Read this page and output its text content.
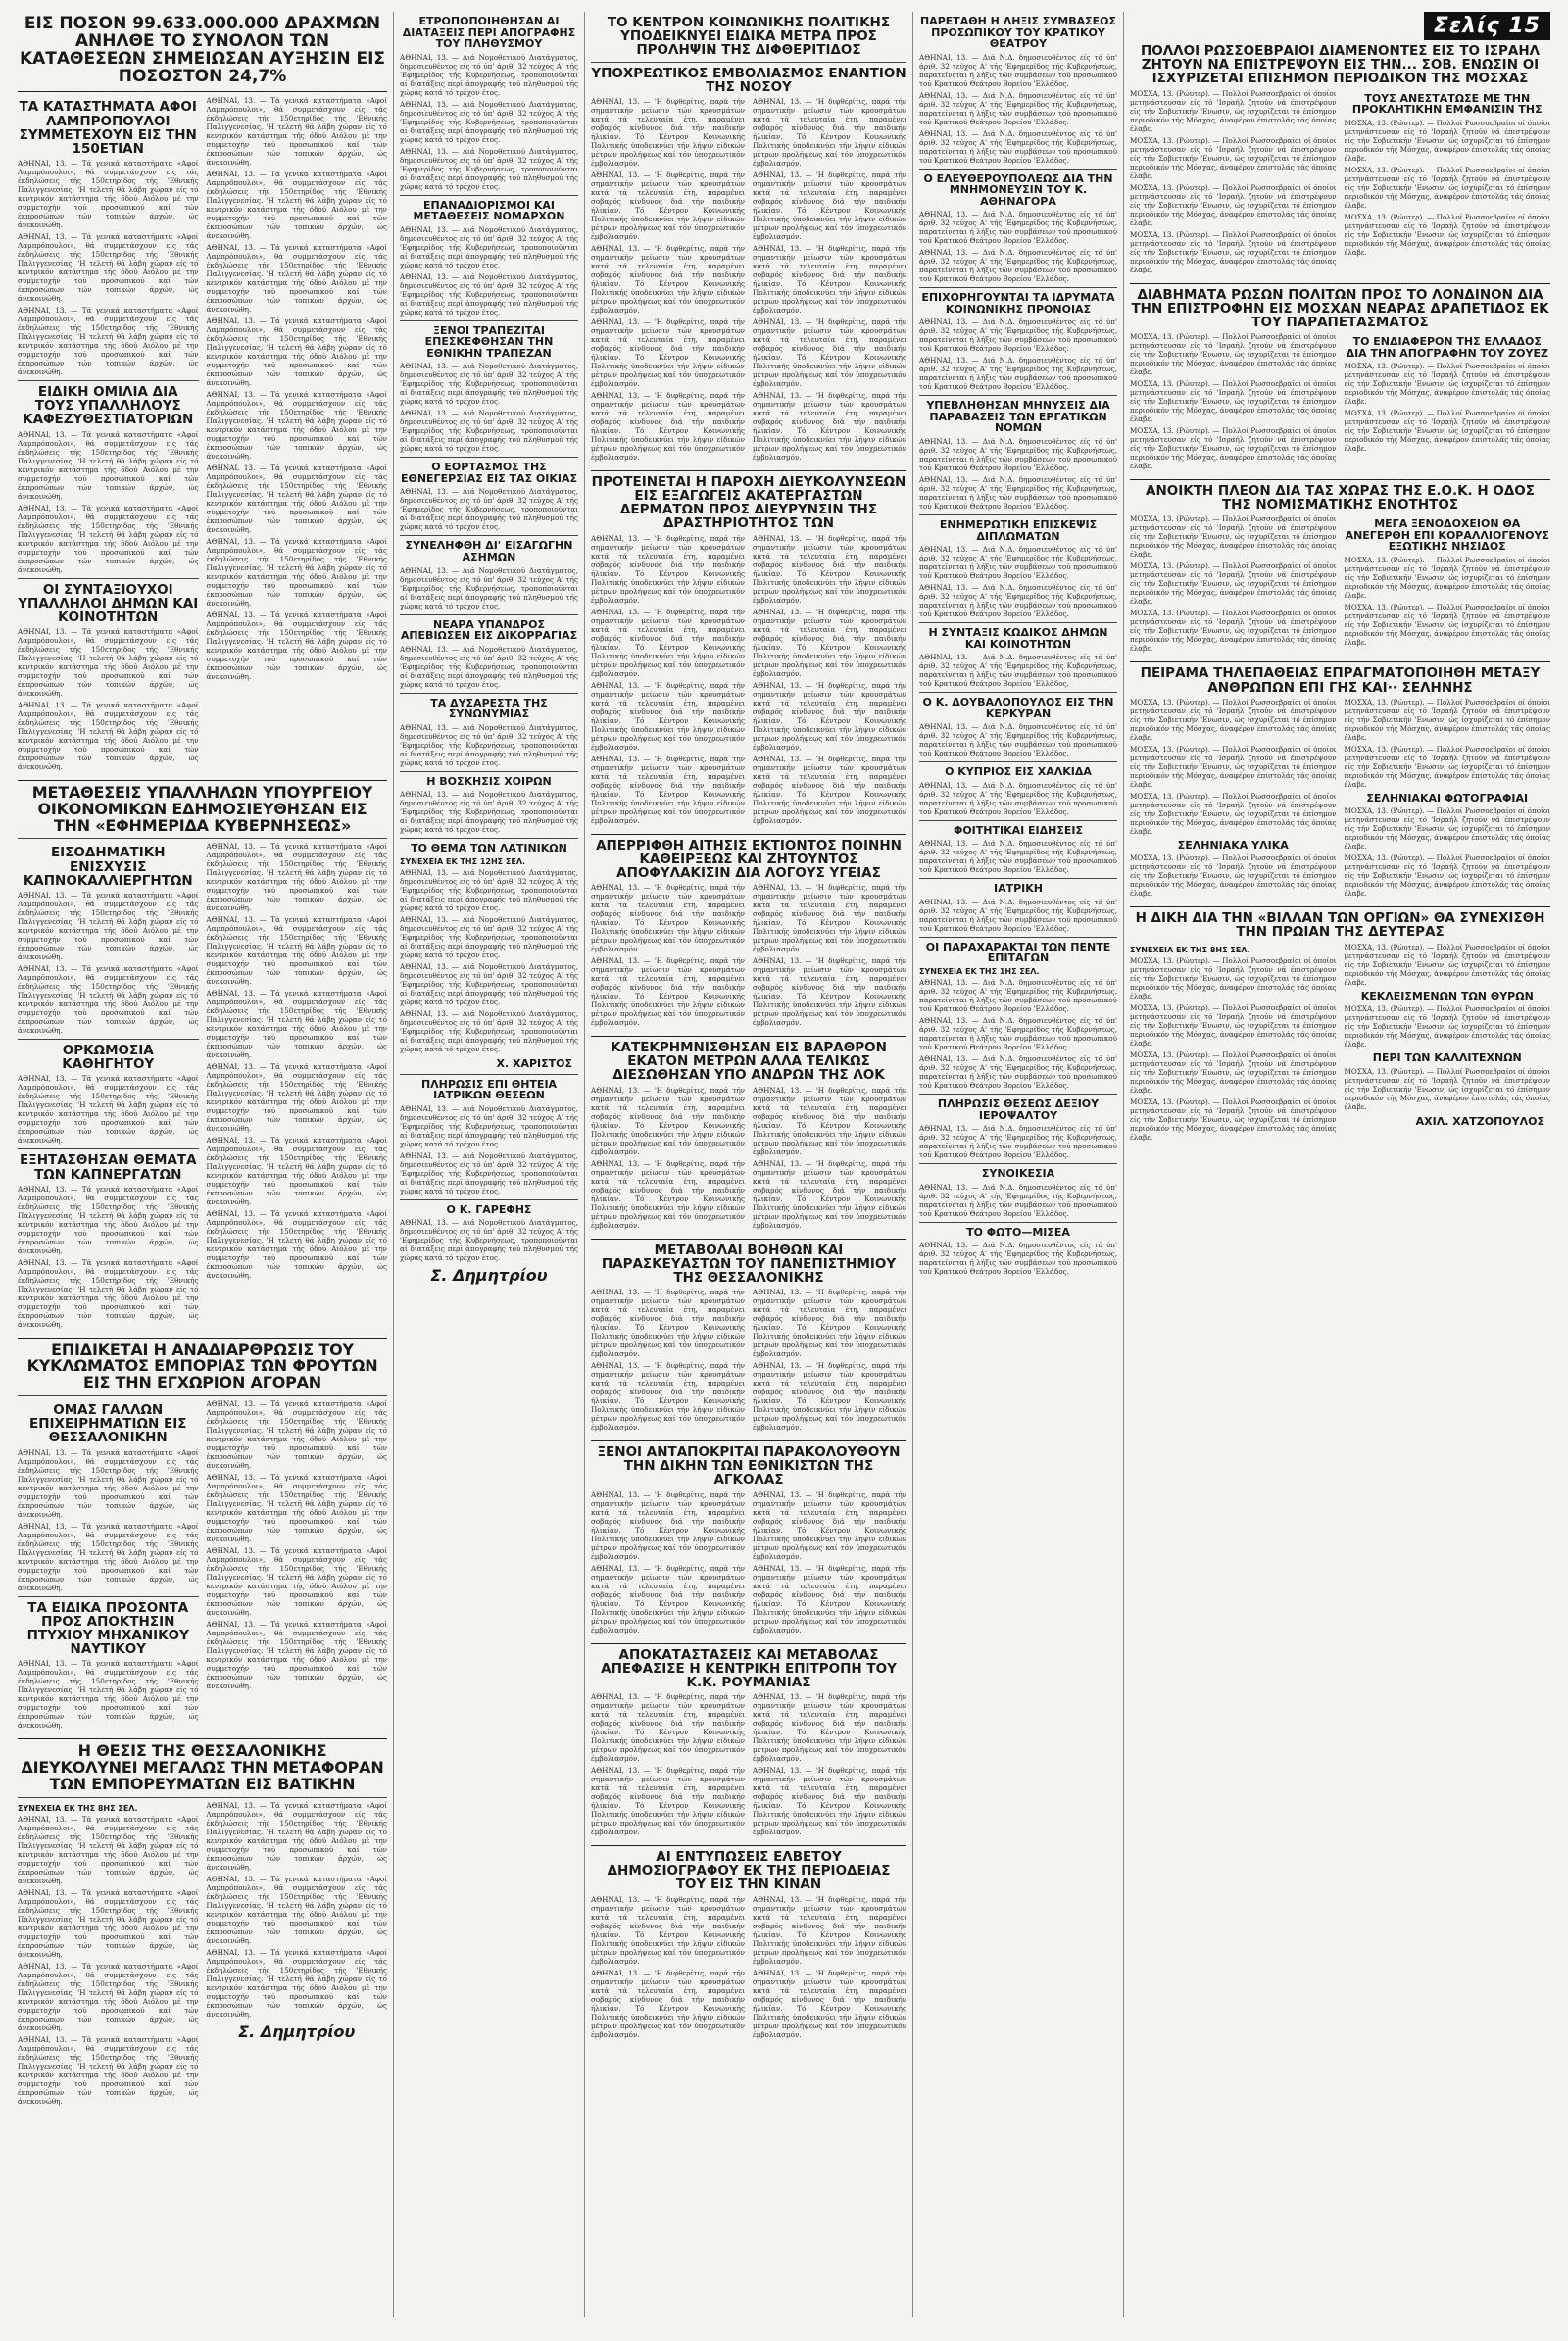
ΕΙΣ ΠΟΣΟΝ 99.633.000.000 ΔΡΑΧΜΩΝ ΑΝΗΛΘΕ ΤΟ ΣΥΝΟΛΟΝ ΤΩΝ ΚΑΤΑΘΕΣΕΩΝ ΣΗΜΕΙΩΣΑΝ ΑΥΞΗΣΙΝ ΕΙΣ ΠΟΣΟΣΤΟΝ 24,7%
ΤΑ ΚΑΤΑΣΤΗΜΑΤΑ ΑΦΟΙ ΛΑΜΠΡΟΠΟΥΛΟΙ ΣΥΜΜΕΤΕΧΟΥΝ ΕΙΣ ΤΗΝ 150ΕΤΙΑΝ

ΑΘΗΝΑΙ, 13. — Τά γενικά καταστήματα «Αφοί Λαμπρόπουλοι», θά συμμετάσχουν είς τάς έκδηλώσεις τής 150ετηρίδος τής 'Εθνικής Παλιγγενεσίας. 'Η τελετή θά λάβη χώραν είς τό κεντρικόν κατάστημα τής όδού Αιόλου μέ την συμμετοχήν τού προσωπικού καί τών έκπροσώπων τών τοπικών άρχών, ώς άνεκοινώθη.

ΑΘΗΝΑΙ, 13. — Τά γενικά καταστήματα «Αφοί Λαμπρόπουλοι», θά συμμετάσχουν είς τάς έκδηλώσεις τής 150ετηρίδος τής 'Εθνικής Παλιγγενεσίας. 'Η τελετή θά λάβη χώραν είς τό κεντρικόν κατάστημα τής όδού Αιόλου μέ την συμμετοχήν τού προσωπικού καί τών έκπροσώπων τών τοπικών άρχών, ώς άνεκοινώθη.

ΑΘΗΝΑΙ, 13. — Τά γενικά καταστήματα «Αφοί Λαμπρόπουλοι», θά συμμετάσχουν είς τάς έκδηλώσεις τής 150ετηρίδος τής 'Εθνικής Παλιγγενεσίας. 'Η τελετή θά λάβη χώραν είς τό κεντρικόν κατάστημα τής όδού Αιόλου μέ την συμμετοχήν τού προσωπικού καί τών έκπροσώπων τών τοπικών άρχών, ώς άνεκοινώθη.

ΕΙΔΙΚΗ ΟΜΙΛΙΑ ΔΙΑ ΤΟΥΣ ΥΠΑΛΛΗΛΟΥΣ ΚΑΦΕΖΥΘΕΣΤΙΑΤΟΡΙΩΝ

ΑΘΗΝΑΙ, 13. — Τά γενικά καταστήματα «Αφοί Λαμπρόπουλοι», θά συμμετάσχουν είς τάς έκδηλώσεις τής 150ετηρίδος τής 'Εθνικής Παλιγγενεσίας. 'Η τελετή θά λάβη χώραν είς τό κεντρικόν κατάστημα τής όδού Αιόλου μέ την συμμετοχήν τού προσωπικού καί τών έκπροσώπων τών τοπικών άρχών, ώς άνεκοινώθη.

ΑΘΗΝΑΙ, 13. — Τά γενικά καταστήματα «Αφοί Λαμπρόπουλοι», θά συμμετάσχουν είς τάς έκδηλώσεις τής 150ετηρίδος τής 'Εθνικής Παλιγγενεσίας. 'Η τελετή θά λάβη χώραν είς τό κεντρικόν κατάστημα τής όδού Αιόλου μέ την συμμετοχήν τού προσωπικού καί τών έκπροσώπων τών τοπικών άρχών, ώς άνεκοινώθη.

ΟΙ ΣΥΝΤΑΞΙΟΥΧΟΙ ΥΠΑΛΛΗΛΟΙ ΔΗΜΩΝ ΚΑΙ ΚΟΙΝΟΤΗΤΩΝ

ΑΘΗΝΑΙ, 13. — Τά γενικά καταστήματα «Αφοί Λαμπρόπουλοι», θά συμμετάσχουν είς τάς έκδηλώσεις τής 150ετηρίδος τής 'Εθνικής Παλιγγενεσίας. 'Η τελετή θά λάβη χώραν είς τό κεντρικόν κατάστημα τής όδού Αιόλου μέ την συμμετοχήν τού προσωπικού καί τών έκπροσώπων τών τοπικών άρχών, ώς άνεκοινώθη.

ΑΘΗΝΑΙ, 13. — Τά γενικά καταστήματα «Αφοί Λαμπρόπουλοι», θά συμμετάσχουν είς τάς έκδηλώσεις τής 150ετηρίδος τής 'Εθνικής Παλιγγενεσίας. 'Η τελετή θά λάβη χώραν είς τό κεντρικόν κατάστημα τής όδού Αιόλου μέ την συμμετοχήν τού προσωπικού καί τών έκπροσώπων τών τοπικών άρχών, ώς άνεκοινώθη.

ΑΘΗΝΑΙ, 13. — Τά γενικά καταστήματα «Αφοί Λαμπρόπουλοι», θά συμμετάσχουν είς τάς έκδηλώσεις τής 150ετηρίδος τής 'Εθνικής Παλιγγενεσίας. 'Η τελετή θά λάβη χώραν είς τό κεντρικόν κατάστημα τής όδού Αιόλου μέ την συμμετοχήν τού προσωπικού καί τών έκπροσώπων τών τοπικών άρχών, ώς άνεκοινώθη.

ΑΘΗΝΑΙ, 13. — Τά γενικά καταστήματα «Αφοί Λαμπρόπουλοι», θά συμμετάσχουν είς τάς έκδηλώσεις τής 150ετηρίδος τής 'Εθνικής Παλιγγενεσίας. 'Η τελετή θά λάβη χώραν είς τό κεντρικόν κατάστημα τής όδού Αιόλου μέ την συμμετοχήν τού προσωπικού καί τών έκπροσώπων τών τοπικών άρχών, ώς άνεκοινώθη.

ΑΘΗΝΑΙ, 13. — Τά γενικά καταστήματα «Αφοί Λαμπρόπουλοι», θά συμμετάσχουν είς τάς έκδηλώσεις τής 150ετηρίδος τής 'Εθνικής Παλιγγενεσίας. 'Η τελετή θά λάβη χώραν είς τό κεντρικόν κατάστημα τής όδού Αιόλου μέ την συμμετοχήν τού προσωπικού καί τών έκπροσώπων τών τοπικών άρχών, ώς άνεκοινώθη.

ΑΘΗΝΑΙ, 13. — Τά γενικά καταστήματα «Αφοί Λαμπρόπουλοι», θά συμμετάσχουν είς τάς έκδηλώσεις τής 150ετηρίδος τής 'Εθνικής Παλιγγενεσίας. 'Η τελετή θά λάβη χώραν είς τό κεντρικόν κατάστημα τής όδού Αιόλου μέ την συμμετοχήν τού προσωπικού καί τών έκπροσώπων τών τοπικών άρχών, ώς άνεκοινώθη.

ΑΘΗΝΑΙ, 13. — Τά γενικά καταστήματα «Αφοί Λαμπρόπουλοι», θά συμμετάσχουν είς τάς έκδηλώσεις τής 150ετηρίδος τής 'Εθνικής Παλιγγενεσίας. 'Η τελετή θά λάβη χώραν είς τό κεντρικόν κατάστημα τής όδού Αιόλου μέ την συμμετοχήν τού προσωπικού καί τών έκπροσώπων τών τοπικών άρχών, ώς άνεκοινώθη.

ΑΘΗΝΑΙ, 13. — Τά γενικά καταστήματα «Αφοί Λαμπρόπουλοι», θά συμμετάσχουν είς τάς έκδηλώσεις τής 150ετηρίδος τής 'Εθνικής Παλιγγενεσίας. 'Η τελετή θά λάβη χώραν είς τό κεντρικόν κατάστημα τής όδού Αιόλου μέ την συμμετοχήν τού προσωπικού καί τών έκπροσώπων τών τοπικών άρχών, ώς άνεκοινώθη.

ΑΘΗΝΑΙ, 13. — Τά γενικά καταστήματα «Αφοί Λαμπρόπουλοι», θά συμμετάσχουν είς τάς έκδηλώσεις τής 150ετηρίδος τής 'Εθνικής Παλιγγενεσίας. 'Η τελετή θά λάβη χώραν είς τό κεντρικόν κατάστημα τής όδού Αιόλου μέ την συμμετοχήν τού προσωπικού καί τών έκπροσώπων τών τοπικών άρχών, ώς άνεκοινώθη.

ΑΘΗΝΑΙ, 13. — Τά γενικά καταστήματα «Αφοί Λαμπρόπουλοι», θά συμμετάσχουν είς τάς έκδηλώσεις τής 150ετηρίδος τής 'Εθνικής Παλιγγενεσίας. 'Η τελετή θά λάβη χώραν είς τό κεντρικόν κατάστημα τής όδού Αιόλου μέ την συμμετοχήν τού προσωπικού καί τών έκπροσώπων τών τοπικών άρχών, ώς άνεκοινώθη.

ΜΕΤΑΘΕΣΕΙΣ ΥΠΑΛΛΗΛΩΝ ΥΠΟΥΡΓΕΙΟΥ ΟΙΚΟΝΟΜΙΚΩΝ ΕΔΗΜΟΣΙΕΥΘΗΣΑΝ ΕΙΣ ΤΗΝ «ΕΦΗΜΕΡΙΔΑ ΚΥΒΕΡΝΗΣΕΩΣ»
ΕΙΣΟΔΗΜΑΤΙΚΗ ΕΝΙΣΧΥΣΙΣ ΚΑΠΝΟΚΑΛΛΙΕΡΓΗΤΩΝ

ΑΘΗΝΑΙ, 13. — Τά γενικά καταστήματα «Αφοί Λαμπρόπουλοι», θά συμμετάσχουν είς τάς έκδηλώσεις τής 150ετηρίδος τής 'Εθνικής Παλιγγενεσίας. 'Η τελετή θά λάβη χώραν είς τό κεντρικόν κατάστημα τής όδού Αιόλου μέ την συμμετοχήν τού προσωπικού καί τών έκπροσώπων τών τοπικών άρχών, ώς άνεκοινώθη.

ΑΘΗΝΑΙ, 13. — Τά γενικά καταστήματα «Αφοί Λαμπρόπουλοι», θά συμμετάσχουν είς τάς έκδηλώσεις τής 150ετηρίδος τής 'Εθνικής Παλιγγενεσίας. 'Η τελετή θά λάβη χώραν είς τό κεντρικόν κατάστημα τής όδού Αιόλου μέ την συμμετοχήν τού προσωπικού καί τών έκπροσώπων τών τοπικών άρχών, ώς άνεκοινώθη.

ΟΡΚΩΜΟΣΙΑ ΚΑΘΗΓΗΤΟΥ

ΑΘΗΝΑΙ, 13. — Τά γενικά καταστήματα «Αφοί Λαμπρόπουλοι», θά συμμετάσχουν είς τάς έκδηλώσεις τής 150ετηρίδος τής 'Εθνικής Παλιγγενεσίας. 'Η τελετή θά λάβη χώραν είς τό κεντρικόν κατάστημα τής όδού Αιόλου μέ την συμμετοχήν τού προσωπικού καί τών έκπροσώπων τών τοπικών άρχών, ώς άνεκοινώθη.

ΕΞΗΤΑΣΘΗΣΑΝ ΘΕΜΑΤΑ ΤΩΝ ΚΑΠΝΕΡΓΑΤΩΝ

ΑΘΗΝΑΙ, 13. — Τά γενικά καταστήματα «Αφοί Λαμπρόπουλοι», θά συμμετάσχουν είς τάς έκδηλώσεις τής 150ετηρίδος τής 'Εθνικής Παλιγγενεσίας. 'Η τελετή θά λάβη χώραν είς τό κεντρικόν κατάστημα τής όδού Αιόλου μέ την συμμετοχήν τού προσωπικού καί τών έκπροσώπων τών τοπικών άρχών, ώς άνεκοινώθη.

ΑΘΗΝΑΙ, 13. — Τά γενικά καταστήματα «Αφοί Λαμπρόπουλοι», θά συμμετάσχουν είς τάς έκδηλώσεις τής 150ετηρίδος τής 'Εθνικής Παλιγγενεσίας. 'Η τελετή θά λάβη χώραν είς τό κεντρικόν κατάστημα τής όδού Αιόλου μέ την συμμετοχήν τού προσωπικού καί τών έκπροσώπων τών τοπικών άρχών, ώς άνεκοινώθη.

ΑΘΗΝΑΙ, 13. — Τά γενικά καταστήματα «Αφοί Λαμπρόπουλοι», θά συμμετάσχουν είς τάς έκδηλώσεις τής 150ετηρίδος τής 'Εθνικής Παλιγγενεσίας. 'Η τελετή θά λάβη χώραν είς τό κεντρικόν κατάστημα τής όδού Αιόλου μέ την συμμετοχήν τού προσωπικού καί τών έκπροσώπων τών τοπικών άρχών, ώς άνεκοινώθη.

ΑΘΗΝΑΙ, 13. — Τά γενικά καταστήματα «Αφοί Λαμπρόπουλοι», θά συμμετάσχουν είς τάς έκδηλώσεις τής 150ετηρίδος τής 'Εθνικής Παλιγγενεσίας. 'Η τελετή θά λάβη χώραν είς τό κεντρικόν κατάστημα τής όδού Αιόλου μέ την συμμετοχήν τού προσωπικού καί τών έκπροσώπων τών τοπικών άρχών, ώς άνεκοινώθη.

ΑΘΗΝΑΙ, 13. — Τά γενικά καταστήματα «Αφοί Λαμπρόπουλοι», θά συμμετάσχουν είς τάς έκδηλώσεις τής 150ετηρίδος τής 'Εθνικής Παλιγγενεσίας. 'Η τελετή θά λάβη χώραν είς τό κεντρικόν κατάστημα τής όδού Αιόλου μέ την συμμετοχήν τού προσωπικού καί τών έκπροσώπων τών τοπικών άρχών, ώς άνεκοινώθη.

ΑΘΗΝΑΙ, 13. — Τά γενικά καταστήματα «Αφοί Λαμπρόπουλοι», θά συμμετάσχουν είς τάς έκδηλώσεις τής 150ετηρίδος τής 'Εθνικής Παλιγγενεσίας. 'Η τελετή θά λάβη χώραν είς τό κεντρικόν κατάστημα τής όδού Αιόλου μέ την συμμετοχήν τού προσωπικού καί τών έκπροσώπων τών τοπικών άρχών, ώς άνεκοινώθη.

ΑΘΗΝΑΙ, 13. — Τά γενικά καταστήματα «Αφοί Λαμπρόπουλοι», θά συμμετάσχουν είς τάς έκδηλώσεις τής 150ετηρίδος τής 'Εθνικής Παλιγγενεσίας. 'Η τελετή θά λάβη χώραν είς τό κεντρικόν κατάστημα τής όδού Αιόλου μέ την συμμετοχήν τού προσωπικού καί τών έκπροσώπων τών τοπικών άρχών, ώς άνεκοινώθη.

ΑΘΗΝΑΙ, 13. — Τά γενικά καταστήματα «Αφοί Λαμπρόπουλοι», θά συμμετάσχουν είς τάς έκδηλώσεις τής 150ετηρίδος τής 'Εθνικής Παλιγγενεσίας. 'Η τελετή θά λάβη χώραν είς τό κεντρικόν κατάστημα τής όδού Αιόλου μέ την συμμετοχήν τού προσωπικού καί τών έκπροσώπων τών τοπικών άρχών, ώς άνεκοινώθη.

ΕΠΙΔΙΚΕΤΑΙ Η ΑΝΑΔΙΑΡΘΡΩΣΙΣ ΤΟΥ ΚΥΚΛΩΜΑΤΟΣ ΕΜΠΟΡΙΑΣ ΤΩΝ ΦΡΟΥΤΩΝ ΕΙΣ ΤΗΝ ΕΓΧΩΡΙΟΝ ΑΓΟΡΑΝ
ΟΜΑΣ ΓΑΛΛΩΝ ΕΠΙΧΕΙΡΗΜΑΤΙΩΝ ΕΙΣ ΘΕΣΣΑΛΟΝΙΚΗΝ

ΑΘΗΝΑΙ, 13. — Τά γενικά καταστήματα «Αφοί Λαμπρόπουλοι», θά συμμετάσχουν είς τάς έκδηλώσεις τής 150ετηρίδος τής 'Εθνικής Παλιγγενεσίας. 'Η τελετή θά λάβη χώραν είς τό κεντρικόν κατάστημα τής όδού Αιόλου μέ την συμμετοχήν τού προσωπικού καί τών έκπροσώπων τών τοπικών άρχών, ώς άνεκοινώθη.

ΑΘΗΝΑΙ, 13. — Τά γενικά καταστήματα «Αφοί Λαμπρόπουλοι», θά συμμετάσχουν είς τάς έκδηλώσεις τής 150ετηρίδος τής 'Εθνικής Παλιγγενεσίας. 'Η τελετή θά λάβη χώραν είς τό κεντρικόν κατάστημα τής όδού Αιόλου μέ την συμμετοχήν τού προσωπικού καί τών έκπροσώπων τών τοπικών άρχών, ώς άνεκοινώθη.

ΤΑ ΕΙΔΙΚΑ ΠΡΟΣΟΝΤΑ ΠΡΟΣ ΑΠΟΚΤΗΣΙΝ ΠΤΥΧΙΟΥ ΜΗΧΑΝΙΚΟΥ ΝΑΥΤΙΚΟΥ

ΑΘΗΝΑΙ, 13. — Τά γενικά καταστήματα «Αφοί Λαμπρόπουλοι», θά συμμετάσχουν είς τάς έκδηλώσεις τής 150ετηρίδος τής 'Εθνικής Παλιγγενεσίας. 'Η τελετή θά λάβη χώραν είς τό κεντρικόν κατάστημα τής όδού Αιόλου μέ την συμμετοχήν τού προσωπικού καί τών έκπροσώπων τών τοπικών άρχών, ώς άνεκοινώθη.

ΑΘΗΝΑΙ, 13. — Τά γενικά καταστήματα «Αφοί Λαμπρόπουλοι», θά συμμετάσχουν είς τάς έκδηλώσεις τής 150ετηρίδος τής 'Εθνικής Παλιγγενεσίας. 'Η τελετή θά λάβη χώραν είς τό κεντρικόν κατάστημα τής όδού Αιόλου μέ την συμμετοχήν τού προσωπικού καί τών έκπροσώπων τών τοπικών άρχών, ώς άνεκοινώθη.

ΑΘΗΝΑΙ, 13. — Τά γενικά καταστήματα «Αφοί Λαμπρόπουλοι», θά συμμετάσχουν είς τάς έκδηλώσεις τής 150ετηρίδος τής 'Εθνικής Παλιγγενεσίας. 'Η τελετή θά λάβη χώραν είς τό κεντρικόν κατάστημα τής όδού Αιόλου μέ την συμμετοχήν τού προσωπικού καί τών έκπροσώπων τών τοπικών άρχών, ώς άνεκοινώθη.

ΑΘΗΝΑΙ, 13. — Τά γενικά καταστήματα «Αφοί Λαμπρόπουλοι», θά συμμετάσχουν είς τάς έκδηλώσεις τής 150ετηρίδος τής 'Εθνικής Παλιγγενεσίας. 'Η τελετή θά λάβη χώραν είς τό κεντρικόν κατάστημα τής όδού Αιόλου μέ την συμμετοχήν τού προσωπικού καί τών έκπροσώπων τών τοπικών άρχών, ώς άνεκοινώθη.

ΑΘΗΝΑΙ, 13. — Τά γενικά καταστήματα «Αφοί Λαμπρόπουλοι», θά συμμετάσχουν είς τάς έκδηλώσεις τής 150ετηρίδος τής 'Εθνικής Παλιγγενεσίας. 'Η τελετή θά λάβη χώραν είς τό κεντρικόν κατάστημα τής όδού Αιόλου μέ την συμμετοχήν τού προσωπικού καί τών έκπροσώπων τών τοπικών άρχών, ώς άνεκοινώθη.

Η ΘΕΣΙΣ ΤΗΣ ΘΕΣΣΑΛΟΝΙΚΗΣ ΔΙΕΥΚΟΛΥΝΕΙ ΜΕΓΑΛΩΣ ΤΗΝ ΜΕΤΑΦΟΡΑΝ ΤΩΝ ΕΜΠΟΡΕΥΜΑΤΩΝ ΕΙΣ ΒΑΤΙΚΗΝ
ΣΥΝΕΧΕΙΑ ΕΚ ΤΗΣ 8ΗΣ ΣΕΛ.

ΑΘΗΝΑΙ, 13. — Τά γενικά καταστήματα «Αφοί Λαμπρόπουλοι», θά συμμετάσχουν είς τάς έκδηλώσεις τής 150ετηρίδος τής 'Εθνικής Παλιγγενεσίας. 'Η τελετή θά λάβη χώραν είς τό κεντρικόν κατάστημα τής όδού Αιόλου μέ την συμμετοχήν τού προσωπικού καί τών έκπροσώπων τών τοπικών άρχών, ώς άνεκοινώθη.

ΑΘΗΝΑΙ, 13. — Τά γενικά καταστήματα «Αφοί Λαμπρόπουλοι», θά συμμετάσχουν είς τάς έκδηλώσεις τής 150ετηρίδος τής 'Εθνικής Παλιγγενεσίας. 'Η τελετή θά λάβη χώραν είς τό κεντρικόν κατάστημα τής όδού Αιόλου μέ την συμμετοχήν τού προσωπικού καί τών έκπροσώπων τών τοπικών άρχών, ώς άνεκοινώθη.

ΑΘΗΝΑΙ, 13. — Τά γενικά καταστήματα «Αφοί Λαμπρόπουλοι», θά συμμετάσχουν είς τάς έκδηλώσεις τής 150ετηρίδος τής 'Εθνικής Παλιγγενεσίας. 'Η τελετή θά λάβη χώραν είς τό κεντρικόν κατάστημα τής όδού Αιόλου μέ την συμμετοχήν τού προσωπικού καί τών έκπροσώπων τών τοπικών άρχών, ώς άνεκοινώθη.

ΑΘΗΝΑΙ, 13. — Τά γενικά καταστήματα «Αφοί Λαμπρόπουλοι», θά συμμετάσχουν είς τάς έκδηλώσεις τής 150ετηρίδος τής 'Εθνικής Παλιγγενεσίας. 'Η τελετή θά λάβη χώραν είς τό κεντρικόν κατάστημα τής όδού Αιόλου μέ την συμμετοχήν τού προσωπικού καί τών έκπροσώπων τών τοπικών άρχών, ώς άνεκοινώθη.

ΑΘΗΝΑΙ, 13. — Τά γενικά καταστήματα «Αφοί Λαμπρόπουλοι», θά συμμετάσχουν είς τάς έκδηλώσεις τής 150ετηρίδος τής 'Εθνικής Παλιγγενεσίας. 'Η τελετή θά λάβη χώραν είς τό κεντρικόν κατάστημα τής όδού Αιόλου μέ την συμμετοχήν τού προσωπικού καί τών έκπροσώπων τών τοπικών άρχών, ώς άνεκοινώθη.

ΑΘΗΝΑΙ, 13. — Τά γενικά καταστήματα «Αφοί Λαμπρόπουλοι», θά συμμετάσχουν είς τάς έκδηλώσεις τής 150ετηρίδος τής 'Εθνικής Παλιγγενεσίας. 'Η τελετή θά λάβη χώραν είς τό κεντρικόν κατάστημα τής όδού Αιόλου μέ την συμμετοχήν τού προσωπικού καί τών έκπροσώπων τών τοπικών άρχών, ώς άνεκοινώθη.

ΑΘΗΝΑΙ, 13. — Τά γενικά καταστήματα «Αφοί Λαμπρόπουλοι», θά συμμετάσχουν είς τάς έκδηλώσεις τής 150ετηρίδος τής 'Εθνικής Παλιγγενεσίας. 'Η τελετή θά λάβη χώραν είς τό κεντρικόν κατάστημα τής όδού Αιόλου μέ την συμμετοχήν τού προσωπικού καί τών έκπροσώπων τών τοπικών άρχών, ώς άνεκοινώθη.

Σ. Δημητρίου
ΕΤΡΟΠΟΠΟΙΗΘΗΣΑΝ ΑΙ ΔΙΑΤΑΞΕΙΣ ΠΕΡΙ ΑΠΟΓΡΑΦΗΣ ΤΟΥ ΠΛΗΘΥΣΜΟΥ

ΑΘΗΝΑΙ, 13. — Διά Νομοθετικού Διατάγματος, δημοσιευθέντος είς τό ύπ' άριθ. 32 τεύχος Α' τής 'Εφημερίδος τής Κυβερνήσεως, τροποποιούνται αί διατάξεις περί άπογραφής τού πληθυσμού τής χώρας κατά τό τρέχον έτος.

ΑΘΗΝΑΙ, 13. — Διά Νομοθετικού Διατάγματος, δημοσιευθέντος είς τό ύπ' άριθ. 32 τεύχος Α' τής 'Εφημερίδος τής Κυβερνήσεως, τροποποιούνται αί διατάξεις περί άπογραφής τού πληθυσμού τής χώρας κατά τό τρέχον έτος.

ΑΘΗΝΑΙ, 13. — Διά Νομοθετικού Διατάγματος, δημοσιευθέντος είς τό ύπ' άριθ. 32 τεύχος Α' τής 'Εφημερίδος τής Κυβερνήσεως, τροποποιούνται αί διατάξεις περί άπογραφής τού πληθυσμού τής χώρας κατά τό τρέχον έτος.

ΕΠΑΝΑΔΙΟΡΙΣΜΟΙ ΚΑΙ ΜΕΤΑΘΕΣΕΙΣ ΝΟΜΑΡΧΩΝ

ΑΘΗΝΑΙ, 13. — Διά Νομοθετικού Διατάγματος, δημοσιευθέντος είς τό ύπ' άριθ. 32 τεύχος Α' τής 'Εφημερίδος τής Κυβερνήσεως, τροποποιούνται αί διατάξεις περί άπογραφής τού πληθυσμού τής χώρας κατά τό τρέχον έτος.

ΑΘΗΝΑΙ, 13. — Διά Νομοθετικού Διατάγματος, δημοσιευθέντος είς τό ύπ' άριθ. 32 τεύχος Α' τής 'Εφημερίδος τής Κυβερνήσεως, τροποποιούνται αί διατάξεις περί άπογραφής τού πληθυσμού τής χώρας κατά τό τρέχον έτος.

ΞΕΝΟΙ ΤΡΑΠΕΖΙΤΑΙ ΕΠΕΣΚΕΦΘΗΣΑΝ ΤΗΝ ΕΘΝΙΚΗΝ ΤΡΑΠΕΖΑΝ

ΑΘΗΝΑΙ, 13. — Διά Νομοθετικού Διατάγματος, δημοσιευθέντος είς τό ύπ' άριθ. 32 τεύχος Α' τής 'Εφημερίδος τής Κυβερνήσεως, τροποποιούνται αί διατάξεις περί άπογραφής τού πληθυσμού τής χώρας κατά τό τρέχον έτος.

ΑΘΗΝΑΙ, 13. — Διά Νομοθετικού Διατάγματος, δημοσιευθέντος είς τό ύπ' άριθ. 32 τεύχος Α' τής 'Εφημερίδος τής Κυβερνήσεως, τροποποιούνται αί διατάξεις περί άπογραφής τού πληθυσμού τής χώρας κατά τό τρέχον έτος.

Ο ΕΟΡΤΑΣΜΟΣ ΤΗΣ ΕΘΝΕΓΕΡΣΙΑΣ ΕΙΣ ΤΑΣ ΟΙΚΙΑΣ

ΑΘΗΝΑΙ, 13. — Διά Νομοθετικού Διατάγματος, δημοσιευθέντος είς τό ύπ' άριθ. 32 τεύχος Α' τής 'Εφημερίδος τής Κυβερνήσεως, τροποποιούνται αί διατάξεις περί άπογραφής τού πληθυσμού τής χώρας κατά τό τρέχον έτος.

ΣΥΝΕΛΗΦΘΗ ΔΙ' ΕΙΣΑΓΩΓΗΝ ΑΣΗΜΩΝ

ΑΘΗΝΑΙ, 13. — Διά Νομοθετικού Διατάγματος, δημοσιευθέντος είς τό ύπ' άριθ. 32 τεύχος Α' τής 'Εφημερίδος τής Κυβερνήσεως, τροποποιούνται αί διατάξεις περί άπογραφής τού πληθυσμού τής χώρας κατά τό τρέχον έτος.

ΝΕΑΡΑ ΥΠΑΝΔΡΟΣ ΑΠΕΒΙΩΣΕΝ ΕΙΣ ΔΙΚΟΡΡΑΓΙΑΣ

ΑΘΗΝΑΙ, 13. — Διά Νομοθετικού Διατάγματος, δημοσιευθέντος είς τό ύπ' άριθ. 32 τεύχος Α' τής 'Εφημερίδος τής Κυβερνήσεως, τροποποιούνται αί διατάξεις περί άπογραφής τού πληθυσμού τής χώρας κατά τό τρέχον έτος.

ΤΑ ΔΥΣΑΡΕΣΤΑ ΤΗΣ ΣΥΝΩΝΥΜΙΑΣ

ΑΘΗΝΑΙ, 13. — Διά Νομοθετικού Διατάγματος, δημοσιευθέντος είς τό ύπ' άριθ. 32 τεύχος Α' τής 'Εφημερίδος τής Κυβερνήσεως, τροποποιούνται αί διατάξεις περί άπογραφής τού πληθυσμού τής χώρας κατά τό τρέχον έτος.

Η ΒΟΣΚΗΣΙΣ ΧΟΙΡΩΝ

ΑΘΗΝΑΙ, 13. — Διά Νομοθετικού Διατάγματος, δημοσιευθέντος είς τό ύπ' άριθ. 32 τεύχος Α' τής 'Εφημερίδος τής Κυβερνήσεως, τροποποιούνται αί διατάξεις περί άπογραφής τού πληθυσμού τής χώρας κατά τό τρέχον έτος.

ΤΟ ΘΕΜΑ ΤΩΝ ΛΑΤΙΝΙΚΩΝ
ΣΥΝΕΧΕΙΑ ΕΚ ΤΗΣ 12ΗΣ ΣΕΛ.

ΑΘΗΝΑΙ, 13. — Διά Νομοθετικού Διατάγματος, δημοσιευθέντος είς τό ύπ' άριθ. 32 τεύχος Α' τής 'Εφημερίδος τής Κυβερνήσεως, τροποποιούνται αί διατάξεις περί άπογραφής τού πληθυσμού τής χώρας κατά τό τρέχον έτος.

ΑΘΗΝΑΙ, 13. — Διά Νομοθετικού Διατάγματος, δημοσιευθέντος είς τό ύπ' άριθ. 32 τεύχος Α' τής 'Εφημερίδος τής Κυβερνήσεως, τροποποιούνται αί διατάξεις περί άπογραφής τού πληθυσμού τής χώρας κατά τό τρέχον έτος.

ΑΘΗΝΑΙ, 13. — Διά Νομοθετικού Διατάγματος, δημοσιευθέντος είς τό ύπ' άριθ. 32 τεύχος Α' τής 'Εφημερίδος τής Κυβερνήσεως, τροποποιούνται αί διατάξεις περί άπογραφής τού πληθυσμού τής χώρας κατά τό τρέχον έτος.

ΑΘΗΝΑΙ, 13. — Διά Νομοθετικού Διατάγματος, δημοσιευθέντος είς τό ύπ' άριθ. 32 τεύχος Α' τής 'Εφημερίδος τής Κυβερνήσεως, τροποποιούνται αί διατάξεις περί άπογραφής τού πληθυσμού τής χώρας κατά τό τρέχον έτος.

Χ. ΧΑΡΙΣΤΟΣ
ΠΛΗΡΩΣΙΣ ΕΠΙ ΘΗΤΕΙΑ ΙΑΤΡΙΚΩΝ ΘΕΣΕΩΝ

ΑΘΗΝΑΙ, 13. — Διά Νομοθετικού Διατάγματος, δημοσιευθέντος είς τό ύπ' άριθ. 32 τεύχος Α' τής 'Εφημερίδος τής Κυβερνήσεως, τροποποιούνται αί διατάξεις περί άπογραφής τού πληθυσμού τής χώρας κατά τό τρέχον έτος.

ΑΘΗΝΑΙ, 13. — Διά Νομοθετικού Διατάγματος, δημοσιευθέντος είς τό ύπ' άριθ. 32 τεύχος Α' τής 'Εφημερίδος τής Κυβερνήσεως, τροποποιούνται αί διατάξεις περί άπογραφής τού πληθυσμού τής χώρας κατά τό τρέχον έτος.

Ο Κ. ΓΑΡΕΦΗΣ

ΑΘΗΝΑΙ, 13. — Διά Νομοθετικού Διατάγματος, δημοσιευθέντος είς τό ύπ' άριθ. 32 τεύχος Α' τής 'Εφημερίδος τής Κυβερνήσεως, τροποποιούνται αί διατάξεις περί άπογραφής τού πληθυσμού τής χώρας κατά τό τρέχον έτος.

Σ. Δημητρίου
ΤΟ ΚΕΝΤΡΟΝ ΚΟΙΝΩΝΙΚΗΣ ΠΟΛΙΤΙΚΗΣ ΥΠΟΔΕΙΚΝΥΕΙ ΕΙΔΙΚΑ ΜΕΤΡΑ ΠΡΟΣ ΠΡΟΛΗΨΙΝ ΤΗΣ ΔΙΦΘΕΡΙΤΙΔΟΣ
ΥΠΟΧΡΕΩΤΙΚΟΣ ΕΜΒΟΛΙΑΣΜΟΣ ΕΝΑΝΤΙΟΝ ΤΗΣ ΝΟΣΟΥ

ΑΘΗΝΑΙ, 13. — 'Η διφθερίτις, παρά τήν σημαντικήν μείωσιν τών κρουσμάτων κατά τά τελευταία έτη, παραμένει σοβαρός κίνδυνος διά τήν παιδικήν ήλικίαν. Τό Κέντρον Κοινωνικής Πολιτικής ύποδεικνύει τήν λήψιν είδικών μέτρων προλήψεως καί τόν ύποχρεωτικόν έμβολιασμόν.

ΑΘΗΝΑΙ, 13. — 'Η διφθερίτις, παρά τήν σημαντικήν μείωσιν τών κρουσμάτων κατά τά τελευταία έτη, παραμένει σοβαρός κίνδυνος διά τήν παιδικήν ήλικίαν. Τό Κέντρον Κοινωνικής Πολιτικής ύποδεικνύει τήν λήψιν είδικών μέτρων προλήψεως καί τόν ύποχρεωτικόν έμβολιασμόν.

ΑΘΗΝΑΙ, 13. — 'Η διφθερίτις, παρά τήν σημαντικήν μείωσιν τών κρουσμάτων κατά τά τελευταία έτη, παραμένει σοβαρός κίνδυνος διά τήν παιδικήν ήλικίαν. Τό Κέντρον Κοινωνικής Πολιτικής ύποδεικνύει τήν λήψιν είδικών μέτρων προλήψεως καί τόν ύποχρεωτικόν έμβολιασμόν.

ΑΘΗΝΑΙ, 13. — 'Η διφθερίτις, παρά τήν σημαντικήν μείωσιν τών κρουσμάτων κατά τά τελευταία έτη, παραμένει σοβαρός κίνδυνος διά τήν παιδικήν ήλικίαν. Τό Κέντρον Κοινωνικής Πολιτικής ύποδεικνύει τήν λήψιν είδικών μέτρων προλήψεως καί τόν ύποχρεωτικόν έμβολιασμόν.

ΑΘΗΝΑΙ, 13. — 'Η διφθερίτις, παρά τήν σημαντικήν μείωσιν τών κρουσμάτων κατά τά τελευταία έτη, παραμένει σοβαρός κίνδυνος διά τήν παιδικήν ήλικίαν. Τό Κέντρον Κοινωνικής Πολιτικής ύποδεικνύει τήν λήψιν είδικών μέτρων προλήψεως καί τόν ύποχρεωτικόν έμβολιασμόν.

ΑΘΗΝΑΙ, 13. — 'Η διφθερίτις, παρά τήν σημαντικήν μείωσιν τών κρουσμάτων κατά τά τελευταία έτη, παραμένει σοβαρός κίνδυνος διά τήν παιδικήν ήλικίαν. Τό Κέντρον Κοινωνικής Πολιτικής ύποδεικνύει τήν λήψιν είδικών μέτρων προλήψεως καί τόν ύποχρεωτικόν έμβολιασμόν.

ΑΘΗΝΑΙ, 13. — 'Η διφθερίτις, παρά τήν σημαντικήν μείωσιν τών κρουσμάτων κατά τά τελευταία έτη, παραμένει σοβαρός κίνδυνος διά τήν παιδικήν ήλικίαν. Τό Κέντρον Κοινωνικής Πολιτικής ύποδεικνύει τήν λήψιν είδικών μέτρων προλήψεως καί τόν ύποχρεωτικόν έμβολιασμόν.

ΑΘΗΝΑΙ, 13. — 'Η διφθερίτις, παρά τήν σημαντικήν μείωσιν τών κρουσμάτων κατά τά τελευταία έτη, παραμένει σοβαρός κίνδυνος διά τήν παιδικήν ήλικίαν. Τό Κέντρον Κοινωνικής Πολιτικής ύποδεικνύει τήν λήψιν είδικών μέτρων προλήψεως καί τόν ύποχρεωτικόν έμβολιασμόν.

ΑΘΗΝΑΙ, 13. — 'Η διφθερίτις, παρά τήν σημαντικήν μείωσιν τών κρουσμάτων κατά τά τελευταία έτη, παραμένει σοβαρός κίνδυνος διά τήν παιδικήν ήλικίαν. Τό Κέντρον Κοινωνικής Πολιτικής ύποδεικνύει τήν λήψιν είδικών μέτρων προλήψεως καί τόν ύποχρεωτικόν έμβολιασμόν.

ΑΘΗΝΑΙ, 13. — 'Η διφθερίτις, παρά τήν σημαντικήν μείωσιν τών κρουσμάτων κατά τά τελευταία έτη, παραμένει σοβαρός κίνδυνος διά τήν παιδικήν ήλικίαν. Τό Κέντρον Κοινωνικής Πολιτικής ύποδεικνύει τήν λήψιν είδικών μέτρων προλήψεως καί τόν ύποχρεωτικόν έμβολιασμόν.

ΠΡΟΤΕΙΝΕΤΑΙ Η ΠΑΡΟΧΗ ΔΙΕΥΚΟΛΥΝΣΕΩΝ ΕΙΣ ΕΞΑΓΩΓΕΙΣ ΑΚΑΤΕΡΓΑΣΤΩΝ ΔΕΡΜΑΤΩΝ ΠΡΟΣ ΔΙΕΥΡΥΝΣΙΝ ΤΗΣ ΔΡΑΣΤΗΡΙΟΤΗΤΟΣ ΤΩΝ

ΑΘΗΝΑΙ, 13. — 'Η διφθερίτις, παρά τήν σημαντικήν μείωσιν τών κρουσμάτων κατά τά τελευταία έτη, παραμένει σοβαρός κίνδυνος διά τήν παιδικήν ήλικίαν. Τό Κέντρον Κοινωνικής Πολιτικής ύποδεικνύει τήν λήψιν είδικών μέτρων προλήψεως καί τόν ύποχρεωτικόν έμβολιασμόν.

ΑΘΗΝΑΙ, 13. — 'Η διφθερίτις, παρά τήν σημαντικήν μείωσιν τών κρουσμάτων κατά τά τελευταία έτη, παραμένει σοβαρός κίνδυνος διά τήν παιδικήν ήλικίαν. Τό Κέντρον Κοινωνικής Πολιτικής ύποδεικνύει τήν λήψιν είδικών μέτρων προλήψεως καί τόν ύποχρεωτικόν έμβολιασμόν.

ΑΘΗΝΑΙ, 13. — 'Η διφθερίτις, παρά τήν σημαντικήν μείωσιν τών κρουσμάτων κατά τά τελευταία έτη, παραμένει σοβαρός κίνδυνος διά τήν παιδικήν ήλικίαν. Τό Κέντρον Κοινωνικής Πολιτικής ύποδεικνύει τήν λήψιν είδικών μέτρων προλήψεως καί τόν ύποχρεωτικόν έμβολιασμόν.

ΑΘΗΝΑΙ, 13. — 'Η διφθερίτις, παρά τήν σημαντικήν μείωσιν τών κρουσμάτων κατά τά τελευταία έτη, παραμένει σοβαρός κίνδυνος διά τήν παιδικήν ήλικίαν. Τό Κέντρον Κοινωνικής Πολιτικής ύποδεικνύει τήν λήψιν είδικών μέτρων προλήψεως καί τόν ύποχρεωτικόν έμβολιασμόν.

ΑΘΗΝΑΙ, 13. — 'Η διφθερίτις, παρά τήν σημαντικήν μείωσιν τών κρουσμάτων κατά τά τελευταία έτη, παραμένει σοβαρός κίνδυνος διά τήν παιδικήν ήλικίαν. Τό Κέντρον Κοινωνικής Πολιτικής ύποδεικνύει τήν λήψιν είδικών μέτρων προλήψεως καί τόν ύποχρεωτικόν έμβολιασμόν.

ΑΘΗΝΑΙ, 13. — 'Η διφθερίτις, παρά τήν σημαντικήν μείωσιν τών κρουσμάτων κατά τά τελευταία έτη, παραμένει σοβαρός κίνδυνος διά τήν παιδικήν ήλικίαν. Τό Κέντρον Κοινωνικής Πολιτικής ύποδεικνύει τήν λήψιν είδικών μέτρων προλήψεως καί τόν ύποχρεωτικόν έμβολιασμόν.

ΑΘΗΝΑΙ, 13. — 'Η διφθερίτις, παρά τήν σημαντικήν μείωσιν τών κρουσμάτων κατά τά τελευταία έτη, παραμένει σοβαρός κίνδυνος διά τήν παιδικήν ήλικίαν. Τό Κέντρον Κοινωνικής Πολιτικής ύποδεικνύει τήν λήψιν είδικών μέτρων προλήψεως καί τόν ύποχρεωτικόν έμβολιασμόν.

ΑΘΗΝΑΙ, 13. — 'Η διφθερίτις, παρά τήν σημαντικήν μείωσιν τών κρουσμάτων κατά τά τελευταία έτη, παραμένει σοβαρός κίνδυνος διά τήν παιδικήν ήλικίαν. Τό Κέντρον Κοινωνικής Πολιτικής ύποδεικνύει τήν λήψιν είδικών μέτρων προλήψεως καί τόν ύποχρεωτικόν έμβολιασμόν.

ΑΠΕΡΡΙΦΘΗ ΑΙΤΗΣΙΣ ΕΚΤΙΟΝΤΟΣ ΠΟΙΝΗΝ ΚΑΘΕΙΡΞΕΩΣ ΚΑΙ ΖΗΤΟΥΝΤΟΣ ΑΠΟΦΥΛΑΚΙΣΙΝ ΔΙΑ ΛΟΓΟΥΣ ΥΓΕΙΑΣ

ΑΘΗΝΑΙ, 13. — 'Η διφθερίτις, παρά τήν σημαντικήν μείωσιν τών κρουσμάτων κατά τά τελευταία έτη, παραμένει σοβαρός κίνδυνος διά τήν παιδικήν ήλικίαν. Τό Κέντρον Κοινωνικής Πολιτικής ύποδεικνύει τήν λήψιν είδικών μέτρων προλήψεως καί τόν ύποχρεωτικόν έμβολιασμόν.

ΑΘΗΝΑΙ, 13. — 'Η διφθερίτις, παρά τήν σημαντικήν μείωσιν τών κρουσμάτων κατά τά τελευταία έτη, παραμένει σοβαρός κίνδυνος διά τήν παιδικήν ήλικίαν. Τό Κέντρον Κοινωνικής Πολιτικής ύποδεικνύει τήν λήψιν είδικών μέτρων προλήψεως καί τόν ύποχρεωτικόν έμβολιασμόν.

ΑΘΗΝΑΙ, 13. — 'Η διφθερίτις, παρά τήν σημαντικήν μείωσιν τών κρουσμάτων κατά τά τελευταία έτη, παραμένει σοβαρός κίνδυνος διά τήν παιδικήν ήλικίαν. Τό Κέντρον Κοινωνικής Πολιτικής ύποδεικνύει τήν λήψιν είδικών μέτρων προλήψεως καί τόν ύποχρεωτικόν έμβολιασμόν.

ΑΘΗΝΑΙ, 13. — 'Η διφθερίτις, παρά τήν σημαντικήν μείωσιν τών κρουσμάτων κατά τά τελευταία έτη, παραμένει σοβαρός κίνδυνος διά τήν παιδικήν ήλικίαν. Τό Κέντρον Κοινωνικής Πολιτικής ύποδεικνύει τήν λήψιν είδικών μέτρων προλήψεως καί τόν ύποχρεωτικόν έμβολιασμόν.

ΚΑΤΕΚΡΗΜΝΙΣΘΗΣΑΝ ΕΙΣ ΒΑΡΑΘΡΟΝ ΕΚΑΤΟΝ ΜΕΤΡΩΝ ΑΛΛΑ ΤΕΛΙΚΩΣ ΔΙΕΣΩΘΗΣΑΝ ΥΠΟ ΑΝΔΡΩΝ ΤΗΣ ΛΟΚ

ΑΘΗΝΑΙ, 13. — 'Η διφθερίτις, παρά τήν σημαντικήν μείωσιν τών κρουσμάτων κατά τά τελευταία έτη, παραμένει σοβαρός κίνδυνος διά τήν παιδικήν ήλικίαν. Τό Κέντρον Κοινωνικής Πολιτικής ύποδεικνύει τήν λήψιν είδικών μέτρων προλήψεως καί τόν ύποχρεωτικόν έμβολιασμόν.

ΑΘΗΝΑΙ, 13. — 'Η διφθερίτις, παρά τήν σημαντικήν μείωσιν τών κρουσμάτων κατά τά τελευταία έτη, παραμένει σοβαρός κίνδυνος διά τήν παιδικήν ήλικίαν. Τό Κέντρον Κοινωνικής Πολιτικής ύποδεικνύει τήν λήψιν είδικών μέτρων προλήψεως καί τόν ύποχρεωτικόν έμβολιασμόν.

ΑΘΗΝΑΙ, 13. — 'Η διφθερίτις, παρά τήν σημαντικήν μείωσιν τών κρουσμάτων κατά τά τελευταία έτη, παραμένει σοβαρός κίνδυνος διά τήν παιδικήν ήλικίαν. Τό Κέντρον Κοινωνικής Πολιτικής ύποδεικνύει τήν λήψιν είδικών μέτρων προλήψεως καί τόν ύποχρεωτικόν έμβολιασμόν.

ΑΘΗΝΑΙ, 13. — 'Η διφθερίτις, παρά τήν σημαντικήν μείωσιν τών κρουσμάτων κατά τά τελευταία έτη, παραμένει σοβαρός κίνδυνος διά τήν παιδικήν ήλικίαν. Τό Κέντρον Κοινωνικής Πολιτικής ύποδεικνύει τήν λήψιν είδικών μέτρων προλήψεως καί τόν ύποχρεωτικόν έμβολιασμόν.

ΜΕΤΑΒΟΛΑΙ ΒΟΗΘΩΝ ΚΑΙ ΠΑΡΑΣΚΕΥΑΣΤΩΝ ΤΟΥ ΠΑΝΕΠΙΣΤΗΜΙΟΥ ΤΗΣ ΘΕΣΣΑΛΟΝΙΚΗΣ

ΑΘΗΝΑΙ, 13. — 'Η διφθερίτις, παρά τήν σημαντικήν μείωσιν τών κρουσμάτων κατά τά τελευταία έτη, παραμένει σοβαρός κίνδυνος διά τήν παιδικήν ήλικίαν. Τό Κέντρον Κοινωνικής Πολιτικής ύποδεικνύει τήν λήψιν είδικών μέτρων προλήψεως καί τόν ύποχρεωτικόν έμβολιασμόν.

ΑΘΗΝΑΙ, 13. — 'Η διφθερίτις, παρά τήν σημαντικήν μείωσιν τών κρουσμάτων κατά τά τελευταία έτη, παραμένει σοβαρός κίνδυνος διά τήν παιδικήν ήλικίαν. Τό Κέντρον Κοινωνικής Πολιτικής ύποδεικνύει τήν λήψιν είδικών μέτρων προλήψεως καί τόν ύποχρεωτικόν έμβολιασμόν.

ΑΘΗΝΑΙ, 13. — 'Η διφθερίτις, παρά τήν σημαντικήν μείωσιν τών κρουσμάτων κατά τά τελευταία έτη, παραμένει σοβαρός κίνδυνος διά τήν παιδικήν ήλικίαν. Τό Κέντρον Κοινωνικής Πολιτικής ύποδεικνύει τήν λήψιν είδικών μέτρων προλήψεως καί τόν ύποχρεωτικόν έμβολιασμόν.

ΑΘΗΝΑΙ, 13. — 'Η διφθερίτις, παρά τήν σημαντικήν μείωσιν τών κρουσμάτων κατά τά τελευταία έτη, παραμένει σοβαρός κίνδυνος διά τήν παιδικήν ήλικίαν. Τό Κέντρον Κοινωνικής Πολιτικής ύποδεικνύει τήν λήψιν είδικών μέτρων προλήψεως καί τόν ύποχρεωτικόν έμβολιασμόν.

ΞΕΝΟΙ ΑΝΤΑΠΟΚΡΙΤΑΙ ΠΑΡΑΚΟΛΟΥΘΟΥΝ ΤΗΝ ΔΙΚΗΝ ΤΩΝ ΕΘΝΙΚΙΣΤΩΝ ΤΗΣ ΑΓΚΟΛΑΣ

ΑΘΗΝΑΙ, 13. — 'Η διφθερίτις, παρά τήν σημαντικήν μείωσιν τών κρουσμάτων κατά τά τελευταία έτη, παραμένει σοβαρός κίνδυνος διά τήν παιδικήν ήλικίαν. Τό Κέντρον Κοινωνικής Πολιτικής ύποδεικνύει τήν λήψιν είδικών μέτρων προλήψεως καί τόν ύποχρεωτικόν έμβολιασμόν.

ΑΘΗΝΑΙ, 13. — 'Η διφθερίτις, παρά τήν σημαντικήν μείωσιν τών κρουσμάτων κατά τά τελευταία έτη, παραμένει σοβαρός κίνδυνος διά τήν παιδικήν ήλικίαν. Τό Κέντρον Κοινωνικής Πολιτικής ύποδεικνύει τήν λήψιν είδικών μέτρων προλήψεως καί τόν ύποχρεωτικόν έμβολιασμόν.

ΑΘΗΝΑΙ, 13. — 'Η διφθερίτις, παρά τήν σημαντικήν μείωσιν τών κρουσμάτων κατά τά τελευταία έτη, παραμένει σοβαρός κίνδυνος διά τήν παιδικήν ήλικίαν. Τό Κέντρον Κοινωνικής Πολιτικής ύποδεικνύει τήν λήψιν είδικών μέτρων προλήψεως καί τόν ύποχρεωτικόν έμβολιασμόν.

ΑΘΗΝΑΙ, 13. — 'Η διφθερίτις, παρά τήν σημαντικήν μείωσιν τών κρουσμάτων κατά τά τελευταία έτη, παραμένει σοβαρός κίνδυνος διά τήν παιδικήν ήλικίαν. Τό Κέντρον Κοινωνικής Πολιτικής ύποδεικνύει τήν λήψιν είδικών μέτρων προλήψεως καί τόν ύποχρεωτικόν έμβολιασμόν.

ΑΠΟΚΑΤΑΣΤΑΣΕΙΣ ΚΑΙ ΜΕΤΑΒΟΛΑΣ ΑΠΕΦΑΣΙΣΕ Η ΚΕΝΤΡΙΚΗ ΕΠΙΤΡΟΠΗ ΤΟΥ Κ.Κ. ΡΟΥΜΑΝΙΑΣ

ΑΘΗΝΑΙ, 13. — 'Η διφθερίτις, παρά τήν σημαντικήν μείωσιν τών κρουσμάτων κατά τά τελευταία έτη, παραμένει σοβαρός κίνδυνος διά τήν παιδικήν ήλικίαν. Τό Κέντρον Κοινωνικής Πολιτικής ύποδεικνύει τήν λήψιν είδικών μέτρων προλήψεως καί τόν ύποχρεωτικόν έμβολιασμόν.

ΑΘΗΝΑΙ, 13. — 'Η διφθερίτις, παρά τήν σημαντικήν μείωσιν τών κρουσμάτων κατά τά τελευταία έτη, παραμένει σοβαρός κίνδυνος διά τήν παιδικήν ήλικίαν. Τό Κέντρον Κοινωνικής Πολιτικής ύποδεικνύει τήν λήψιν είδικών μέτρων προλήψεως καί τόν ύποχρεωτικόν έμβολιασμόν.

ΑΘΗΝΑΙ, 13. — 'Η διφθερίτις, παρά τήν σημαντικήν μείωσιν τών κρουσμάτων κατά τά τελευταία έτη, παραμένει σοβαρός κίνδυνος διά τήν παιδικήν ήλικίαν. Τό Κέντρον Κοινωνικής Πολιτικής ύποδεικνύει τήν λήψιν είδικών μέτρων προλήψεως καί τόν ύποχρεωτικόν έμβολιασμόν.

ΑΘΗΝΑΙ, 13. — 'Η διφθερίτις, παρά τήν σημαντικήν μείωσιν τών κρουσμάτων κατά τά τελευταία έτη, παραμένει σοβαρός κίνδυνος διά τήν παιδικήν ήλικίαν. Τό Κέντρον Κοινωνικής Πολιτικής ύποδεικνύει τήν λήψιν είδικών μέτρων προλήψεως καί τόν ύποχρεωτικόν έμβολιασμόν.

ΑΙ ΕΝΤΥΠΩΣΕΙΣ ΕΛΒΕΤΟΥ ΔΗΜΟΣΙΟΓΡΑΦΟΥ ΕΚ ΤΗΣ ΠΕΡΙΟΔΕΙΑΣ ΤΟΥ ΕΙΣ ΤΗΝ ΚΙΝΑΝ

ΑΘΗΝΑΙ, 13. — 'Η διφθερίτις, παρά τήν σημαντικήν μείωσιν τών κρουσμάτων κατά τά τελευταία έτη, παραμένει σοβαρός κίνδυνος διά τήν παιδικήν ήλικίαν. Τό Κέντρον Κοινωνικής Πολιτικής ύποδεικνύει τήν λήψιν είδικών μέτρων προλήψεως καί τόν ύποχρεωτικόν έμβολιασμόν.

ΑΘΗΝΑΙ, 13. — 'Η διφθερίτις, παρά τήν σημαντικήν μείωσιν τών κρουσμάτων κατά τά τελευταία έτη, παραμένει σοβαρός κίνδυνος διά τήν παιδικήν ήλικίαν. Τό Κέντρον Κοινωνικής Πολιτικής ύποδεικνύει τήν λήψιν είδικών μέτρων προλήψεως καί τόν ύποχρεωτικόν έμβολιασμόν.

ΑΘΗΝΑΙ, 13. — 'Η διφθερίτις, παρά τήν σημαντικήν μείωσιν τών κρουσμάτων κατά τά τελευταία έτη, παραμένει σοβαρός κίνδυνος διά τήν παιδικήν ήλικίαν. Τό Κέντρον Κοινωνικής Πολιτικής ύποδεικνύει τήν λήψιν είδικών μέτρων προλήψεως καί τόν ύποχρεωτικόν έμβολιασμόν.

ΑΘΗΝΑΙ, 13. — 'Η διφθερίτις, παρά τήν σημαντικήν μείωσιν τών κρουσμάτων κατά τά τελευταία έτη, παραμένει σοβαρός κίνδυνος διά τήν παιδικήν ήλικίαν. Τό Κέντρον Κοινωνικής Πολιτικής ύποδεικνύει τήν λήψιν είδικών μέτρων προλήψεως καί τόν ύποχρεωτικόν έμβολιασμόν.

ΠΑΡΕΤΑΘΗ Η ΛΗΞΙΣ ΣΥΜΒΑΣΕΩΣ ΠΡΟΣΩΠΙΚΟΥ ΤΟΥ ΚΡΑΤΙΚΟΥ ΘΕΑΤΡΟΥ

ΑΘΗΝΑΙ, 13. — Διά Ν.Δ. δημοσιευθέντος είς τό ύπ' άριθ. 32 τεύχος Α' τής 'Εφημερίδος τής Κυβερνήσεως, παρατείνεται ή λήξις τών συμβάσεων τού προσωπικού τού Κρατικού Θεάτρου Βορείου 'Ελλάδος.

ΑΘΗΝΑΙ, 13. — Διά Ν.Δ. δημοσιευθέντος είς τό ύπ' άριθ. 32 τεύχος Α' τής 'Εφημερίδος τής Κυβερνήσεως, παρατείνεται ή λήξις τών συμβάσεων τού προσωπικού τού Κρατικού Θεάτρου Βορείου 'Ελλάδος.

ΑΘΗΝΑΙ, 13. — Διά Ν.Δ. δημοσιευθέντος είς τό ύπ' άριθ. 32 τεύχος Α' τής 'Εφημερίδος τής Κυβερνήσεως, παρατείνεται ή λήξις τών συμβάσεων τού προσωπικού τού Κρατικού Θεάτρου Βορείου 'Ελλάδος.

Ο ΕΛΕΥΘΕΡΟΥΠΟΛΕΩΣ ΔΙΑ ΤΗΝ ΜΝΗΜΟΝΕΥΣΙΝ ΤΟΥ Κ. ΑΘΗΝΑΓΟΡΑ

ΑΘΗΝΑΙ, 13. — Διά Ν.Δ. δημοσιευθέντος είς τό ύπ' άριθ. 32 τεύχος Α' τής 'Εφημερίδος τής Κυβερνήσεως, παρατείνεται ή λήξις τών συμβάσεων τού προσωπικού τού Κρατικού Θεάτρου Βορείου 'Ελλάδος.

ΑΘΗΝΑΙ, 13. — Διά Ν.Δ. δημοσιευθέντος είς τό ύπ' άριθ. 32 τεύχος Α' τής 'Εφημερίδος τής Κυβερνήσεως, παρατείνεται ή λήξις τών συμβάσεων τού προσωπικού τού Κρατικού Θεάτρου Βορείου 'Ελλάδος.

ΕΠΙΧΟΡΗΓΟΥΝΤΑΙ ΤΑ ΙΔΡΥΜΑΤΑ ΚΟΙΝΩΝΙΚΗΣ ΠΡΟΝΟΙΑΣ

ΑΘΗΝΑΙ, 13. — Διά Ν.Δ. δημοσιευθέντος είς τό ύπ' άριθ. 32 τεύχος Α' τής 'Εφημερίδος τής Κυβερνήσεως, παρατείνεται ή λήξις τών συμβάσεων τού προσωπικού τού Κρατικού Θεάτρου Βορείου 'Ελλάδος.

ΑΘΗΝΑΙ, 13. — Διά Ν.Δ. δημοσιευθέντος είς τό ύπ' άριθ. 32 τεύχος Α' τής 'Εφημερίδος τής Κυβερνήσεως, παρατείνεται ή λήξις τών συμβάσεων τού προσωπικού τού Κρατικού Θεάτρου Βορείου 'Ελλάδος.

ΥΠΕΒΛΗΘΗΣΑΝ ΜΗΝΥΣΕΙΣ ΔΙΑ ΠΑΡΑΒΑΣΕΙΣ ΤΩΝ ΕΡΓΑΤΙΚΩΝ ΝΟΜΩΝ

ΑΘΗΝΑΙ, 13. — Διά Ν.Δ. δημοσιευθέντος είς τό ύπ' άριθ. 32 τεύχος Α' τής 'Εφημερίδος τής Κυβερνήσεως, παρατείνεται ή λήξις τών συμβάσεων τού προσωπικού τού Κρατικού Θεάτρου Βορείου 'Ελλάδος.

ΑΘΗΝΑΙ, 13. — Διά Ν.Δ. δημοσιευθέντος είς τό ύπ' άριθ. 32 τεύχος Α' τής 'Εφημερίδος τής Κυβερνήσεως, παρατείνεται ή λήξις τών συμβάσεων τού προσωπικού τού Κρατικού Θεάτρου Βορείου 'Ελλάδος.

ΕΝΗΜΕΡΩΤΙΚΗ ΕΠΙΣΚΕΨΙΣ ΔΙΠΛΩΜΑΤΩΝ

ΑΘΗΝΑΙ, 13. — Διά Ν.Δ. δημοσιευθέντος είς τό ύπ' άριθ. 32 τεύχος Α' τής 'Εφημερίδος τής Κυβερνήσεως, παρατείνεται ή λήξις τών συμβάσεων τού προσωπικού τού Κρατικού Θεάτρου Βορείου 'Ελλάδος.

ΑΘΗΝΑΙ, 13. — Διά Ν.Δ. δημοσιευθέντος είς τό ύπ' άριθ. 32 τεύχος Α' τής 'Εφημερίδος τής Κυβερνήσεως, παρατείνεται ή λήξις τών συμβάσεων τού προσωπικού τού Κρατικού Θεάτρου Βορείου 'Ελλάδος.

Η ΣΥΝΤΑΞΙΣ ΚΩΔΙΚΟΣ ΔΗΜΩΝ ΚΑΙ ΚΟΙΝΟΤΗΤΩΝ

ΑΘΗΝΑΙ, 13. — Διά Ν.Δ. δημοσιευθέντος είς τό ύπ' άριθ. 32 τεύχος Α' τής 'Εφημερίδος τής Κυβερνήσεως, παρατείνεται ή λήξις τών συμβάσεων τού προσωπικού τού Κρατικού Θεάτρου Βορείου 'Ελλάδος.

Ο Κ. ΔΟΥΒΑΛΟΠΟΥΛΟΣ ΕΙΣ ΤΗΝ ΚΕΡΚΥΡΑΝ

ΑΘΗΝΑΙ, 13. — Διά Ν.Δ. δημοσιευθέντος είς τό ύπ' άριθ. 32 τεύχος Α' τής 'Εφημερίδος τής Κυβερνήσεως, παρατείνεται ή λήξις τών συμβάσεων τού προσωπικού τού Κρατικού Θεάτρου Βορείου 'Ελλάδος.

Ο ΚΥΠΡΙΟΣ ΕΙΣ ΧΑΛΚΙΔΑ

ΑΘΗΝΑΙ, 13. — Διά Ν.Δ. δημοσιευθέντος είς τό ύπ' άριθ. 32 τεύχος Α' τής 'Εφημερίδος τής Κυβερνήσεως, παρατείνεται ή λήξις τών συμβάσεων τού προσωπικού τού Κρατικού Θεάτρου Βορείου 'Ελλάδος.

ΦΟΙΤΗΤΙΚΑΙ ΕΙΔΗΣΕΙΣ

ΑΘΗΝΑΙ, 13. — Διά Ν.Δ. δημοσιευθέντος είς τό ύπ' άριθ. 32 τεύχος Α' τής 'Εφημερίδος τής Κυβερνήσεως, παρατείνεται ή λήξις τών συμβάσεων τού προσωπικού τού Κρατικού Θεάτρου Βορείου 'Ελλάδος.

ΙΑΤΡΙΚΗ

ΑΘΗΝΑΙ, 13. — Διά Ν.Δ. δημοσιευθέντος είς τό ύπ' άριθ. 32 τεύχος Α' τής 'Εφημερίδος τής Κυβερνήσεως, παρατείνεται ή λήξις τών συμβάσεων τού προσωπικού τού Κρατικού Θεάτρου Βορείου 'Ελλάδος.

ΟΙ ΠΑΡΑΧΑΡΑΚΤΑΙ ΤΩΝ ΠΕΝΤΕ ΕΠΙΤΑΓΩΝ
ΣΥΝΕΧΕΙΑ ΕΚ ΤΗΣ 1ΗΣ ΣΕΛ.

ΑΘΗΝΑΙ, 13. — Διά Ν.Δ. δημοσιευθέντος είς τό ύπ' άριθ. 32 τεύχος Α' τής 'Εφημερίδος τής Κυβερνήσεως, παρατείνεται ή λήξις τών συμβάσεων τού προσωπικού τού Κρατικού Θεάτρου Βορείου 'Ελλάδος.

ΑΘΗΝΑΙ, 13. — Διά Ν.Δ. δημοσιευθέντος είς τό ύπ' άριθ. 32 τεύχος Α' τής 'Εφημερίδος τής Κυβερνήσεως, παρατείνεται ή λήξις τών συμβάσεων τού προσωπικού τού Κρατικού Θεάτρου Βορείου 'Ελλάδος.

ΑΘΗΝΑΙ, 13. — Διά Ν.Δ. δημοσιευθέντος είς τό ύπ' άριθ. 32 τεύχος Α' τής 'Εφημερίδος τής Κυβερνήσεως, παρατείνεται ή λήξις τών συμβάσεων τού προσωπικού τού Κρατικού Θεάτρου Βορείου 'Ελλάδος.

ΠΛΗΡΩΣΙΣ ΘΕΣΕΩΣ ΔΕΞΙΟΥ ΙΕΡΟΨΑΛΤΟΥ

ΑΘΗΝΑΙ, 13. — Διά Ν.Δ. δημοσιευθέντος είς τό ύπ' άριθ. 32 τεύχος Α' τής 'Εφημερίδος τής Κυβερνήσεως, παρατείνεται ή λήξις τών συμβάσεων τού προσωπικού τού Κρατικού Θεάτρου Βορείου 'Ελλάδος.

ΣΥΝΟΙΚΕΣΙΑ

ΑΘΗΝΑΙ, 13. — Διά Ν.Δ. δημοσιευθέντος είς τό ύπ' άριθ. 32 τεύχος Α' τής 'Εφημερίδος τής Κυβερνήσεως, παρατείνεται ή λήξις τών συμβάσεων τού προσωπικού τού Κρατικού Θεάτρου Βορείου 'Ελλάδος.

ΤΟ ΦΩΤΟ—ΜΙΣΕΑ

ΑΘΗΝΑΙ, 13. — Διά Ν.Δ. δημοσιευθέντος είς τό ύπ' άριθ. 32 τεύχος Α' τής 'Εφημερίδος τής Κυβερνήσεως, παρατείνεται ή λήξις τών συμβάσεων τού προσωπικού τού Κρατικού Θεάτρου Βορείου 'Ελλάδος.

Σελίς 15
ΠΟΛΛΟΙ ΡΩΣΣΟΕΒΡΑΙΟΙ ΔΙΑΜΕΝΟΝΤΕΣ ΕΙΣ ΤΟ ΙΣΡΑΗΛ ΖΗΤΟΥΝ ΝΑ ΕΠΙΣΤΡΕΨΟΥΝ ΕΙΣ ΤΗΝ... ΣΟΒ. ΕΝΩΣΙΝ ΟΙ ΙΣΧΥΡΙΖΕΤΑΙ ΕΠΙΣΗΜΟΝ ΠΕΡΙΟΔΙΚΟΝ ΤΗΣ ΜΟΣΧΑΣ

ΜΟΣΧΑ, 13. (Ρώυτερ). — Πολλοί Ρωσσοεβραίοι οί όποίοι μετηνάστευσαν είς τό 'Ισραήλ ζητούν νά έπιστρέψουν είς τήν Σοβιετικήν 'Ενωσιν, ώς ίσχυρίζεται τό έπίσημον περιοδικόν τής Μόσχας, άναφέρον έπιστολάς τάς όποίας έλαβε.

ΜΟΣΧΑ, 13. (Ρώυτερ). — Πολλοί Ρωσσοεβραίοι οί όποίοι μετηνάστευσαν είς τό 'Ισραήλ ζητούν νά έπιστρέψουν είς τήν Σοβιετικήν 'Ενωσιν, ώς ίσχυρίζεται τό έπίσημον περιοδικόν τής Μόσχας, άναφέρον έπιστολάς τάς όποίας έλαβε.

ΜΟΣΧΑ, 13. (Ρώυτερ). — Πολλοί Ρωσσοεβραίοι οί όποίοι μετηνάστευσαν είς τό 'Ισραήλ ζητούν νά έπιστρέψουν είς τήν Σοβιετικήν 'Ενωσιν, ώς ίσχυρίζεται τό έπίσημον περιοδικόν τής Μόσχας, άναφέρον έπιστολάς τάς όποίας έλαβε.

ΜΟΣΧΑ, 13. (Ρώυτερ). — Πολλοί Ρωσσοεβραίοι οί όποίοι μετηνάστευσαν είς τό 'Ισραήλ ζητούν νά έπιστρέψουν είς τήν Σοβιετικήν 'Ενωσιν, ώς ίσχυρίζεται τό έπίσημον περιοδικόν τής Μόσχας, άναφέρον έπιστολάς τάς όποίας έλαβε.

ΤΟΥΣ ΑΝΕΣΤΑΤΩΣΕ ΜΕ ΤΗΝ ΠΡΟΚΛΗΤΙΚΗΝ ΕΜΦΑΝΙΣΙΝ ΤΗΣ

ΜΟΣΧΑ, 13. (Ρώυτερ). — Πολλοί Ρωσσοεβραίοι οί όποίοι μετηνάστευσαν είς τό 'Ισραήλ ζητούν νά έπιστρέψουν είς τήν Σοβιετικήν 'Ενωσιν, ώς ίσχυρίζεται τό έπίσημον περιοδικόν τής Μόσχας, άναφέρον έπιστολάς τάς όποίας έλαβε.

ΜΟΣΧΑ, 13. (Ρώυτερ). — Πολλοί Ρωσσοεβραίοι οί όποίοι μετηνάστευσαν είς τό 'Ισραήλ ζητούν νά έπιστρέψουν είς τήν Σοβιετικήν 'Ενωσιν, ώς ίσχυρίζεται τό έπίσημον περιοδικόν τής Μόσχας, άναφέρον έπιστολάς τάς όποίας έλαβε.

ΜΟΣΧΑ, 13. (Ρώυτερ). — Πολλοί Ρωσσοεβραίοι οί όποίοι μετηνάστευσαν είς τό 'Ισραήλ ζητούν νά έπιστρέψουν είς τήν Σοβιετικήν 'Ενωσιν, ώς ίσχυρίζεται τό έπίσημον περιοδικόν τής Μόσχας, άναφέρον έπιστολάς τάς όποίας έλαβε.

ΔΙΑΒΗΜΑΤΑ ΡΩΣΩΝ ΠΟΛΙΤΩΝ ΠΡΟΣ ΤΟ ΛΟΝΔΙΝΟΝ ΔΙΑ ΤΗΝ ΕΠΙΣΤΡΟΦΗΝ ΕΙΣ ΜΟΣΧΑΝ ΝΕΑΡΑΣ ΔΡΑΠΕΤΙΔΟΣ ΕΚ ΤΟΥ ΠΑΡΑΠΕΤΑΣΜΑΤΟΣ

ΜΟΣΧΑ, 13. (Ρώυτερ). — Πολλοί Ρωσσοεβραίοι οί όποίοι μετηνάστευσαν είς τό 'Ισραήλ ζητούν νά έπιστρέψουν είς τήν Σοβιετικήν 'Ενωσιν, ώς ίσχυρίζεται τό έπίσημον περιοδικόν τής Μόσχας, άναφέρον έπιστολάς τάς όποίας έλαβε.

ΜΟΣΧΑ, 13. (Ρώυτερ). — Πολλοί Ρωσσοεβραίοι οί όποίοι μετηνάστευσαν είς τό 'Ισραήλ ζητούν νά έπιστρέψουν είς τήν Σοβιετικήν 'Ενωσιν, ώς ίσχυρίζεται τό έπίσημον περιοδικόν τής Μόσχας, άναφέρον έπιστολάς τάς όποίας έλαβε.

ΜΟΣΧΑ, 13. (Ρώυτερ). — Πολλοί Ρωσσοεβραίοι οί όποίοι μετηνάστευσαν είς τό 'Ισραήλ ζητούν νά έπιστρέψουν είς τήν Σοβιετικήν 'Ενωσιν, ώς ίσχυρίζεται τό έπίσημον περιοδικόν τής Μόσχας, άναφέρον έπιστολάς τάς όποίας έλαβε.

ΤΟ ΕΝΔΙΑΦΕΡΟΝ ΤΗΣ ΕΛΛΑΔΟΣ ΔΙΑ ΤΗΝ ΑΠΟΓΡΑΦΗΝ ΤΟΥ ΖΟΥΕΖ

ΜΟΣΧΑ, 13. (Ρώυτερ). — Πολλοί Ρωσσοεβραίοι οί όποίοι μετηνάστευσαν είς τό 'Ισραήλ ζητούν νά έπιστρέψουν είς τήν Σοβιετικήν 'Ενωσιν, ώς ίσχυρίζεται τό έπίσημον περιοδικόν τής Μόσχας, άναφέρον έπιστολάς τάς όποίας έλαβε.

ΜΟΣΧΑ, 13. (Ρώυτερ). — Πολλοί Ρωσσοεβραίοι οί όποίοι μετηνάστευσαν είς τό 'Ισραήλ ζητούν νά έπιστρέψουν είς τήν Σοβιετικήν 'Ενωσιν, ώς ίσχυρίζεται τό έπίσημον περιοδικόν τής Μόσχας, άναφέρον έπιστολάς τάς όποίας έλαβε.

ΑΝΟΙΚΤΗ ΠΛΕΟΝ ΔΙΑ ΤΑΣ ΧΩΡΑΣ ΤΗΣ Ε.Ο.Κ. Η ΟΔΟΣ ΤΗΣ ΝΟΜΙΣΜΑΤΙΚΗΣ ΕΝΟΤΗΤΟΣ

ΜΟΣΧΑ, 13. (Ρώυτερ). — Πολλοί Ρωσσοεβραίοι οί όποίοι μετηνάστευσαν είς τό 'Ισραήλ ζητούν νά έπιστρέψουν είς τήν Σοβιετικήν 'Ενωσιν, ώς ίσχυρίζεται τό έπίσημον περιοδικόν τής Μόσχας, άναφέρον έπιστολάς τάς όποίας έλαβε.

ΜΟΣΧΑ, 13. (Ρώυτερ). — Πολλοί Ρωσσοεβραίοι οί όποίοι μετηνάστευσαν είς τό 'Ισραήλ ζητούν νά έπιστρέψουν είς τήν Σοβιετικήν 'Ενωσιν, ώς ίσχυρίζεται τό έπίσημον περιοδικόν τής Μόσχας, άναφέρον έπιστολάς τάς όποίας έλαβε.

ΜΟΣΧΑ, 13. (Ρώυτερ). — Πολλοί Ρωσσοεβραίοι οί όποίοι μετηνάστευσαν είς τό 'Ισραήλ ζητούν νά έπιστρέψουν είς τήν Σοβιετικήν 'Ενωσιν, ώς ίσχυρίζεται τό έπίσημον περιοδικόν τής Μόσχας, άναφέρον έπιστολάς τάς όποίας έλαβε.

ΜΕΓΑ ΞΕΝΟΔΟΧΕΙΟΝ ΘΑ ΑΝΕΓΕΡΘΗ ΕΠΙ ΚΟΡΑΛΛΙΟΓΕΝΟΥΣ ΕΞΩΤΙΚΗΣ ΝΗΣΙΔΟΣ

ΜΟΣΧΑ, 13. (Ρώυτερ). — Πολλοί Ρωσσοεβραίοι οί όποίοι μετηνάστευσαν είς τό 'Ισραήλ ζητούν νά έπιστρέψουν είς τήν Σοβιετικήν 'Ενωσιν, ώς ίσχυρίζεται τό έπίσημον περιοδικόν τής Μόσχας, άναφέρον έπιστολάς τάς όποίας έλαβε.

ΜΟΣΧΑ, 13. (Ρώυτερ). — Πολλοί Ρωσσοεβραίοι οί όποίοι μετηνάστευσαν είς τό 'Ισραήλ ζητούν νά έπιστρέψουν είς τήν Σοβιετικήν 'Ενωσιν, ώς ίσχυρίζεται τό έπίσημον περιοδικόν τής Μόσχας, άναφέρον έπιστολάς τάς όποίας έλαβε.

ΠΕΙΡΑΜΑ ΤΗΛΕΠΑΘΕΙΑΣ ΕΠΡΑΓΜΑΤΟΠΟΙΗΘΗ ΜΕΤΑΞΥ ΑΝΘΡΩΠΩΝ ΕΠΙ ΓΗΣ ΚΑΙ·· ΣΕΛΗΝΗΣ

ΜΟΣΧΑ, 13. (Ρώυτερ). — Πολλοί Ρωσσοεβραίοι οί όποίοι μετηνάστευσαν είς τό 'Ισραήλ ζητούν νά έπιστρέψουν είς τήν Σοβιετικήν 'Ενωσιν, ώς ίσχυρίζεται τό έπίσημον περιοδικόν τής Μόσχας, άναφέρον έπιστολάς τάς όποίας έλαβε.

ΜΟΣΧΑ, 13. (Ρώυτερ). — Πολλοί Ρωσσοεβραίοι οί όποίοι μετηνάστευσαν είς τό 'Ισραήλ ζητούν νά έπιστρέψουν είς τήν Σοβιετικήν 'Ενωσιν, ώς ίσχυρίζεται τό έπίσημον περιοδικόν τής Μόσχας, άναφέρον έπιστολάς τάς όποίας έλαβε.

ΜΟΣΧΑ, 13. (Ρώυτερ). — Πολλοί Ρωσσοεβραίοι οί όποίοι μετηνάστευσαν είς τό 'Ισραήλ ζητούν νά έπιστρέψουν είς τήν Σοβιετικήν 'Ενωσιν, ώς ίσχυρίζεται τό έπίσημον περιοδικόν τής Μόσχας, άναφέρον έπιστολάς τάς όποίας έλαβε.

ΣΕΛΗΝΙΑΚΑ ΥΛΙΚΑ

ΜΟΣΧΑ, 13. (Ρώυτερ). — Πολλοί Ρωσσοεβραίοι οί όποίοι μετηνάστευσαν είς τό 'Ισραήλ ζητούν νά έπιστρέψουν είς τήν Σοβιετικήν 'Ενωσιν, ώς ίσχυρίζεται τό έπίσημον περιοδικόν τής Μόσχας, άναφέρον έπιστολάς τάς όποίας έλαβε.

ΜΟΣΧΑ, 13. (Ρώυτερ). — Πολλοί Ρωσσοεβραίοι οί όποίοι μετηνάστευσαν είς τό 'Ισραήλ ζητούν νά έπιστρέψουν είς τήν Σοβιετικήν 'Ενωσιν, ώς ίσχυρίζεται τό έπίσημον περιοδικόν τής Μόσχας, άναφέρον έπιστολάς τάς όποίας έλαβε.

ΜΟΣΧΑ, 13. (Ρώυτερ). — Πολλοί Ρωσσοεβραίοι οί όποίοι μετηνάστευσαν είς τό 'Ισραήλ ζητούν νά έπιστρέψουν είς τήν Σοβιετικήν 'Ενωσιν, ώς ίσχυρίζεται τό έπίσημον περιοδικόν τής Μόσχας, άναφέρον έπιστολάς τάς όποίας έλαβε.

ΣΕΛΗΝΙΑΚΑΙ ΦΩΤΟΓΡΑΦΙΑΙ

ΜΟΣΧΑ, 13. (Ρώυτερ). — Πολλοί Ρωσσοεβραίοι οί όποίοι μετηνάστευσαν είς τό 'Ισραήλ ζητούν νά έπιστρέψουν είς τήν Σοβιετικήν 'Ενωσιν, ώς ίσχυρίζεται τό έπίσημον περιοδικόν τής Μόσχας, άναφέρον έπιστολάς τάς όποίας έλαβε.

ΜΟΣΧΑ, 13. (Ρώυτερ). — Πολλοί Ρωσσοεβραίοι οί όποίοι μετηνάστευσαν είς τό 'Ισραήλ ζητούν νά έπιστρέψουν είς τήν Σοβιετικήν 'Ενωσιν, ώς ίσχυρίζεται τό έπίσημον περιοδικόν τής Μόσχας, άναφέρον έπιστολάς τάς όποίας έλαβε.

Η ΔΙΚΗ ΔΙΑ ΤΗΝ «ΒΙΛΛΑΝ ΤΩΝ ΟΡΓΙΩΝ» ΘΑ ΣΥΝΕΧΙΣΘΗ ΤΗΝ ΠΡΩΙΑΝ ΤΗΣ ΔΕΥΤΕΡΑΣ
ΣΥΝΕΧΕΙΑ ΕΚ ΤΗΣ 8ΗΣ ΣΕΛ.

ΜΟΣΧΑ, 13. (Ρώυτερ). — Πολλοί Ρωσσοεβραίοι οί όποίοι μετηνάστευσαν είς τό 'Ισραήλ ζητούν νά έπιστρέψουν είς τήν Σοβιετικήν 'Ενωσιν, ώς ίσχυρίζεται τό έπίσημον περιοδικόν τής Μόσχας, άναφέρον έπιστολάς τάς όποίας έλαβε.

ΜΟΣΧΑ, 13. (Ρώυτερ). — Πολλοί Ρωσσοεβραίοι οί όποίοι μετηνάστευσαν είς τό 'Ισραήλ ζητούν νά έπιστρέψουν είς τήν Σοβιετικήν 'Ενωσιν, ώς ίσχυρίζεται τό έπίσημον περιοδικόν τής Μόσχας, άναφέρον έπιστολάς τάς όποίας έλαβε.

ΜΟΣΧΑ, 13. (Ρώυτερ). — Πολλοί Ρωσσοεβραίοι οί όποίοι μετηνάστευσαν είς τό 'Ισραήλ ζητούν νά έπιστρέψουν είς τήν Σοβιετικήν 'Ενωσιν, ώς ίσχυρίζεται τό έπίσημον περιοδικόν τής Μόσχας, άναφέρον έπιστολάς τάς όποίας έλαβε.

ΜΟΣΧΑ, 13. (Ρώυτερ). — Πολλοί Ρωσσοεβραίοι οί όποίοι μετηνάστευσαν είς τό 'Ισραήλ ζητούν νά έπιστρέψουν είς τήν Σοβιετικήν 'Ενωσιν, ώς ίσχυρίζεται τό έπίσημον περιοδικόν τής Μόσχας, άναφέρον έπιστολάς τάς όποίας έλαβε.

ΜΟΣΧΑ, 13. (Ρώυτερ). — Πολλοί Ρωσσοεβραίοι οί όποίοι μετηνάστευσαν είς τό 'Ισραήλ ζητούν νά έπιστρέψουν είς τήν Σοβιετικήν 'Ενωσιν, ώς ίσχυρίζεται τό έπίσημον περιοδικόν τής Μόσχας, άναφέρον έπιστολάς τάς όποίας έλαβε.

ΚΕΚΛΕΙΣΜΕΝΩΝ ΤΩΝ ΘΥΡΩΝ

ΜΟΣΧΑ, 13. (Ρώυτερ). — Πολλοί Ρωσσοεβραίοι οί όποίοι μετηνάστευσαν είς τό 'Ισραήλ ζητούν νά έπιστρέψουν είς τήν Σοβιετικήν 'Ενωσιν, ώς ίσχυρίζεται τό έπίσημον περιοδικόν τής Μόσχας, άναφέρον έπιστολάς τάς όποίας έλαβε.

ΠΕΡΙ ΤΩΝ ΚΑΛΛΙΤΕΧΝΩΝ

ΜΟΣΧΑ, 13. (Ρώυτερ). — Πολλοί Ρωσσοεβραίοι οί όποίοι μετηνάστευσαν είς τό 'Ισραήλ ζητούν νά έπιστρέψουν είς τήν Σοβιετικήν 'Ενωσιν, ώς ίσχυρίζεται τό έπίσημον περιοδικόν τής Μόσχας, άναφέρον έπιστολάς τάς όποίας έλαβε.

ΑΧΙΛ. ΧΑΤΖΟΠΟΥΛΟΣ
